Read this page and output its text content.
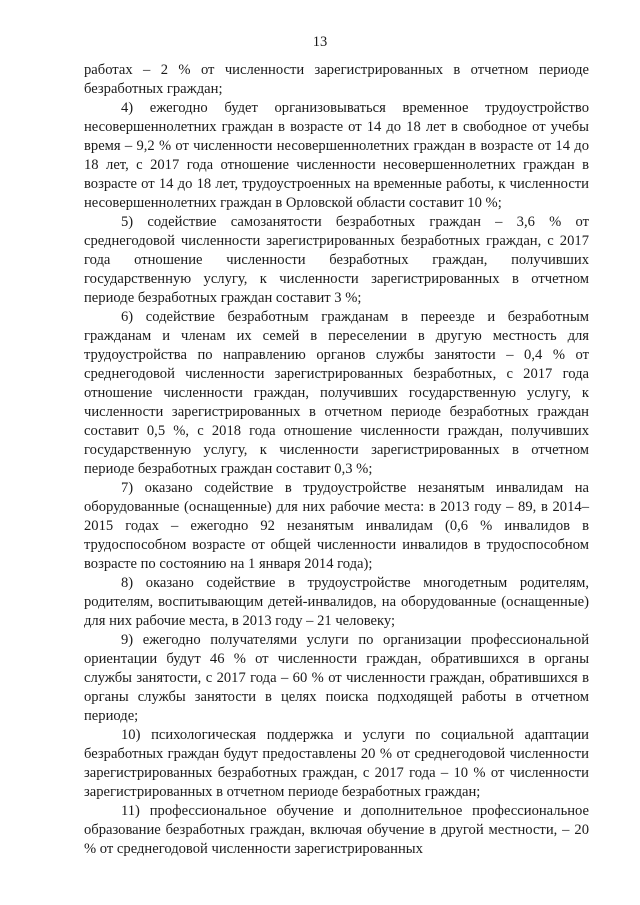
13

работах – 2 % от численности зарегистрированных в отчетном периоде безработных граждан;

4) ежегодно будет организовываться временное трудоустройство несовершеннолетних граждан в возрасте от 14 до 18 лет в свободное от учебы время – 9,2 % от численности несовершеннолетних граждан в возрасте от 14 до 18 лет, с 2017 года отношение численности несовершеннолетних граждан в возрасте от 14 до 18 лет, трудоустроенных на временные работы, к численности несовершеннолетних граждан в Орловской области составит 10 %;

5) содействие самозанятости безработных граждан – 3,6 % от среднегодовой численности зарегистрированных безработных граждан, с 2017 года отношение численности безработных граждан, получивших государственную услугу, к численности зарегистрированных в отчетном периоде безработных граждан составит 3 %;

6) содействие безработным гражданам в переезде и безработным гражданам и членам их семей в переселении в другую местность для трудоустройства по направлению органов службы занятости – 0,4 % от среднегодовой численности зарегистрированных безработных, с 2017 года отношение численности граждан, получивших государственную услугу, к численности зарегистрированных в отчетном периоде безработных граждан составит 0,5 %, с 2018 года отношение численности граждан, получивших государственную услугу, к численности зарегистрированных в отчетном периоде безработных граждан составит 0,3 %;

7) оказано содействие в трудоустройстве незанятым инвалидам на оборудованные (оснащенные) для них рабочие места: в 2013 году – 89, в 2014–2015 годах – ежегодно 92 незанятым инвалидам (0,6 % инвалидов в трудоспособном возрасте от общей численности инвалидов в трудоспособном возрасте по состоянию на 1 января 2014 года);

8) оказано содействие в трудоустройстве многодетным родителям, родителям, воспитывающим детей-инвалидов, на оборудованные (оснащенные) для них рабочие места, в 2013 году – 21 человеку;

9) ежегодно получателями услуги по организации профессиональной ориентации будут 46 % от численности граждан, обратившихся в органы службы занятости, с 2017 года – 60 % от численности граждан, обратившихся в органы службы занятости в целях поиска подходящей работы в отчетном периоде;

10) психологическая поддержка и услуги по социальной адаптации безработных граждан будут предоставлены 20 % от среднегодовой численности зарегистрированных безработных граждан, с 2017 года – 10 % от численности зарегистрированных в отчетном периоде безработных граждан;

11) профессиональное обучение и дополнительное профессиональное образование безработных граждан, включая обучение в другой местности, – 20 % от среднегодовой численности зарегистрированных
